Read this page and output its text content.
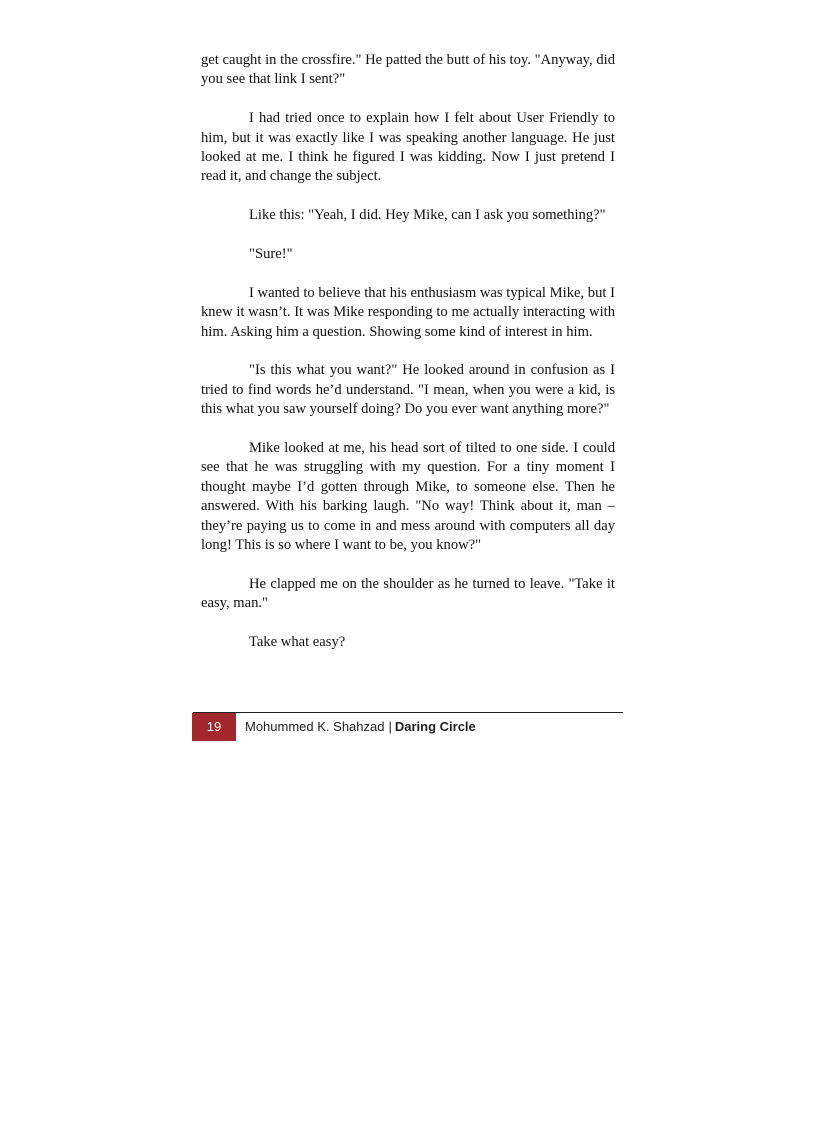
get caught in the crossfire." He patted the butt of his toy. "Anyway, did you see that link I sent?"

I had tried once to explain how I felt about User Friendly to him, but it was exactly like I was speaking another language. He just looked at me. I think he figured I was kidding. Now I just pretend I read it, and change the subject.

Like this: "Yeah, I did. Hey Mike, can I ask you something?"

"Sure!"

I wanted to believe that his enthusiasm was typical Mike, but I knew it wasn’t. It was Mike responding to me actually interacting with him. Asking him a question. Showing some kind of interest in him.

"Is this what you want?" He looked around in confusion as I tried to find words he’d understand. "I mean, when you were a kid, is this what you saw yourself doing? Do you ever want anything more?"

Mike looked at me, his head sort of tilted to one side. I could see that he was struggling with my question. For a tiny moment I thought maybe I’d gotten through Mike, to someone else. Then he answered. With his barking laugh. "No way! Think about it, man – they’re paying us to come in and mess around with computers all day long! This is so where I want to be, you know?"

He clapped me on the shoulder as he turned to leave. "Take it easy, man."

Take what easy?

19	Mohummed K. Shahzad | Daring Circle
